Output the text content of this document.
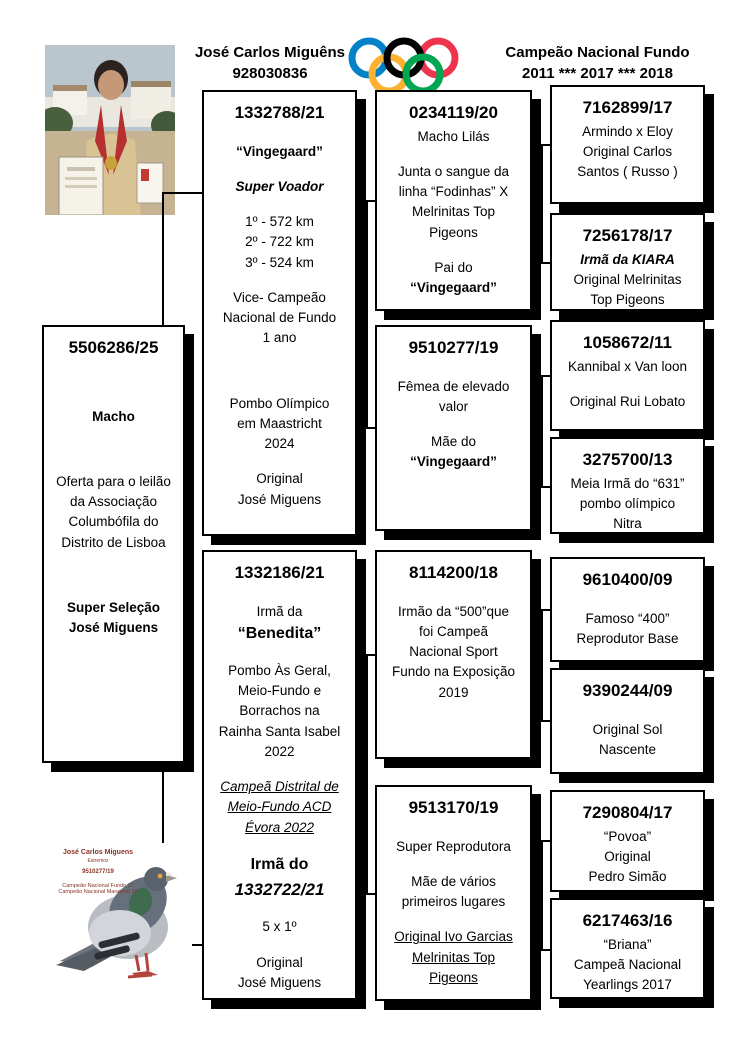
José Carlos Miguêns
928030836
Campeão Nacional Fundo
2011 *** 2017 *** 2018
5506286/25
Macho
Oferta para o leilão
da Associação
Columbófila do
Distrito de Lisboa
Super Seleção
José Miguens
1332788/21
“Vingegaard”
Super Voador
1º - 572 km
2º - 722 km
3º - 524 km
Vice- Campeão
Nacional de Fundo
1 ano
Pombo Olímpico
em Maastricht
2024
Original
José Miguens
1332186/21
Irmã da
“Benedita”
Pombo Às Geral,
Meio-Fundo e
Borrachos na
Rainha Santa Isabel
2022
Campeã Distrital de
Meio-Fundo ACD
Évora 2022
Irmã do
1332722/21
5 x 1º
Original
José Miguens
0234119/20
Macho Lilás
Junta o sangue da
linha “Fodinhas” X
Melrinitas Top
Pigeons
Pai do
“Vingegaard”
9510277/19
Fêmea de elevado
valor
Mãe do
“Vingegaard”
8114200/18
Irmão da “500”que
foi Campeã
Nacional Sport
Fundo na Exposição
2019
9513170/19
Super Reprodutora
Mãe de vários
primeiros lugares
Original Ivo Garcias
Melrinitas Top
Pigeons
7162899/17
Armindo x Eloy
Original Carlos
Santos ( Russo )
7256178/17
Irmã da KIARA
Original Melrinitas
Top Pigeons
1058672/11
Kannibal x Van loon
Original Rui Lobato
3275700/13
Meia Irmã do “631”
pombo olímpico
Nitra
9610400/09
Famoso “400”
Reprodutor Base
9390244/09
Original Sol
Nascente
7290804/17
“Povoa”
Original
Pedro Simão
6217463/16
“Briana”
Campeã Nacional
Yearlings 2017
José Carlos Miguens
Estremoz
9510277/19
Campeão Nacional Fundo 17
Campeão Nacional Maratona 18
